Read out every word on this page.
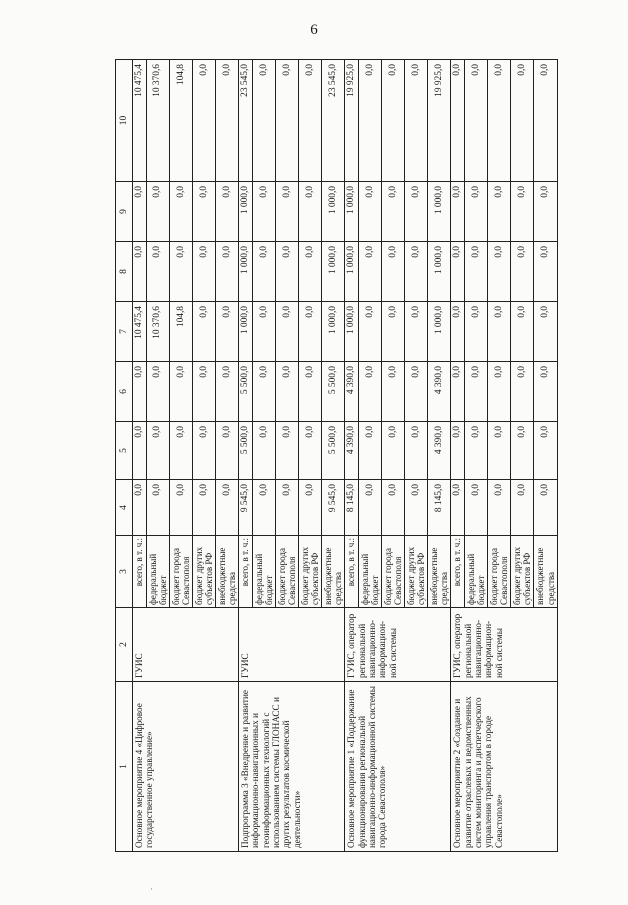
6
1	2	3	4	5	6	7	8	9	10
Основное мероприятие 4 «Цифровое государственное управление»	ГУИС	всего, в т. ч.:	0,0	0,0	0,0	10 475,4	0,0	0,0	10 475,4
		федеральный бюджет	0,0	0,0	0,0	10 370,6	0,0	0,0	10 370,6
		бюджет города Севастополя	0,0	0,0	0,0	104,8	0,0	0,0	104,8
		бюджет других субъектов РФ	0,0	0,0	0,0	0,0	0,0	0,0	0,0
		внебюджетные средства	0,0	0,0	0,0	0,0	0,0	0,0	0,0
Подпрограмма 3 «Внедрение и развитие информационно-навигационных и геоинформационных технологий с использованием системы ГЛОНАСС и других результатов космической деятельности»	ГУИС	всего, в т. ч.:	9 545,0	5 500,0	5 500,0	1 000,0	1 000,0	1 000,0	23 545,0
		федеральный бюджет	0,0	0,0	0,0	0,0	0,0	0,0	0,0
		бюджет города Севастополя	0,0	0,0	0,0	0,0	0,0	0,0	0,0
		бюджет других субъектов РФ	0,0	0,0	0,0	0,0	0,0	0,0	0,0
		внебюджетные средства	9 545,0	5 500,0	5 500,0	1 000,0	1 000,0	1 000,0	23 545,0
Основное мероприятие 1 «Поддержание функционирования региональной навигационно-информационной системы города Севастополя»	ГУИС, оператор региональной навигационно-информацион-ной системы	всего, в т. ч.:	8 145,0	4 390,0	4 390,0	1 000,0	1 000,0	1 000,0	19 925,0
		федеральный бюджет	0,0	0,0	0,0	0,0	0,0	0,0	0,0
		бюджет города Севастополя	0,0	0,0	0,0	0,0	0,0	0,0	0,0
		бюджет других субъектов РФ	0,0	0,0	0,0	0,0	0,0	0,0	0,0
		внебюджетные средства	8 145,0	4 390,0	4 390,0	1 000,0	1 000,0	1 000,0	19 925,0
Основное мероприятие 2 «Создание и развитие отраслевых и ведомственных систем мониторинга и диспетчерского управления транспортом в городе Севастополе»	ГУИС, оператор региональной навигационно-информацион-ной системы	всего, в т. ч.:	0,0	0,0	0,0	0,0	0,0	0,0	0,0
		федеральный бюджет	0,0	0,0	0,0	0,0	0,0	0,0	0,0
		бюджет города Севастополя	0,0	0,0	0,0	0,0	0,0	0,0	0,0
		бюджет других субъектов РФ	0,0	0,0	0,0	0,0	0,0	0,0	0,0
		внебюджетные средства	0,0	0,0	0,0	0,0	0,0	0,0	0,0
·
